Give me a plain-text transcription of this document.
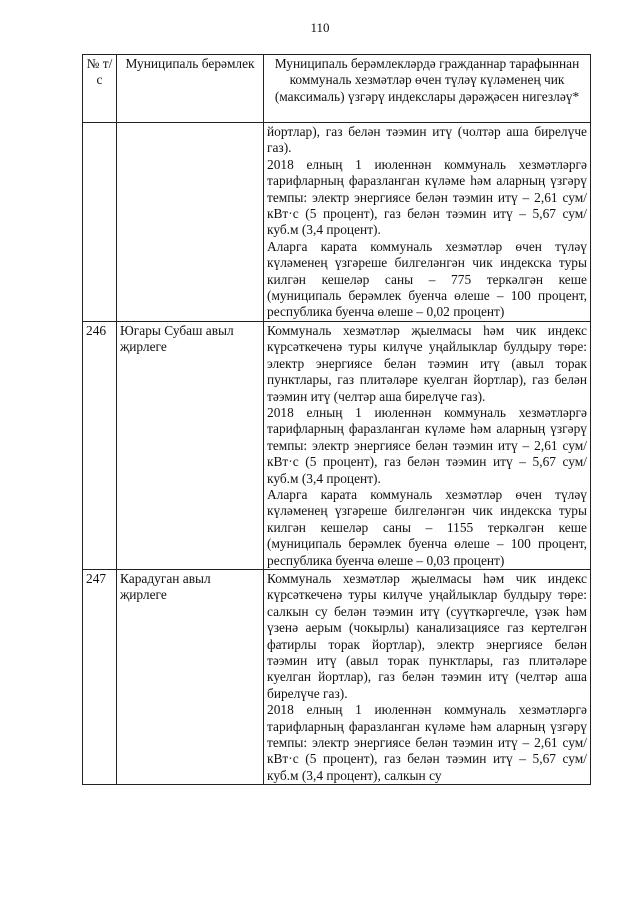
110
№ т/с	Муниципаль берәмлек	Муниципаль берәмлекләрдә гражданнар тарафыннан коммуналь хезмәтләр өчен түләү күләменең чик (максималь) үзгәрү индекслары дәрәҗәсен нигезләү*

		йортлар), газ белән тәэмин итү (чолтәр аша бирелүче газ).

2018 елның 1 июленнән коммуналь хезмәтләргә тарифларның фаразланган күләме һәм аларның үзгәрү темпы: электр энергиясе белән тәэмин итү – 2,61 сум/кВт·с (5 процент), газ белән тәэмин итү – 5,67 сум/куб.м (3,4 процент).

Аларга карата коммуналь хезмәтләр өчен түләү күләменең үзгәреше билгеләнгән чик индекска туры килгән кешеләр саны – 775 теркәлгән кеше (муниципаль берәмлек буенча өлеше – 100 процент, республика буенча өлеше – 0,02 процент)

246	Югары Субаш авыл җирлеге	Коммуналь хезмәтләр җыелмасы һәм чик индекс күрсәткеченә туры килүче уңайлыклар булдыру төре: электр энергиясе белән тәэмин итү (авыл торак пунктлары, газ плитәләре куелган йортлар), газ белән тәэмин итү (челтәр аша бирелүче газ).

2018 елның 1 июленнән коммуналь хезмәтләргә тарифларның фаразланган күләме һәм аларның үзгәрү темпы: электр энергиясе белән тәэмин итү – 2,61 сум/кВт·с (5 процент), газ белән тәэмин итү – 5,67 сум/куб.м (3,4 процент).

Аларга карата коммуналь хезмәтләр өчен түләү күләменең үзгәреше билгеләнгән чик индекска туры килгән кешеләр саны – 1155 теркәлгән кеше (муниципаль берәмлек буенча өлеше – 100 процент, республика буенча өлеше – 0,03 процент)

247	Карадуган авыл җирлеге	Коммуналь хезмәтләр җыелмасы һәм чик индекс күрсәткеченә туры килүче уңайлыклар булдыру төре: салкын су белән тәэмин итү (суүткәргечле, үзәк һәм үзенә аерым (чокырлы) канализациясе газ кертелгән фатирлы торак йортлар), электр энергиясе белән тәэмин итү (авыл торак пунктлары, газ плитәләре куелган йортлар), газ белән тәэмин итү (челтәр аша бирелүче газ).

2018 елның 1 июленнән коммуналь хезмәтләргә тарифларның фаразланган күләме һәм аларның үзгәрү темпы: электр энергиясе белән тәэмин итү – 2,61 сум/кВт·с (5 процент), газ белән тәэмин итү – 5,67 сум/куб.м (3,4 процент), салкын су
